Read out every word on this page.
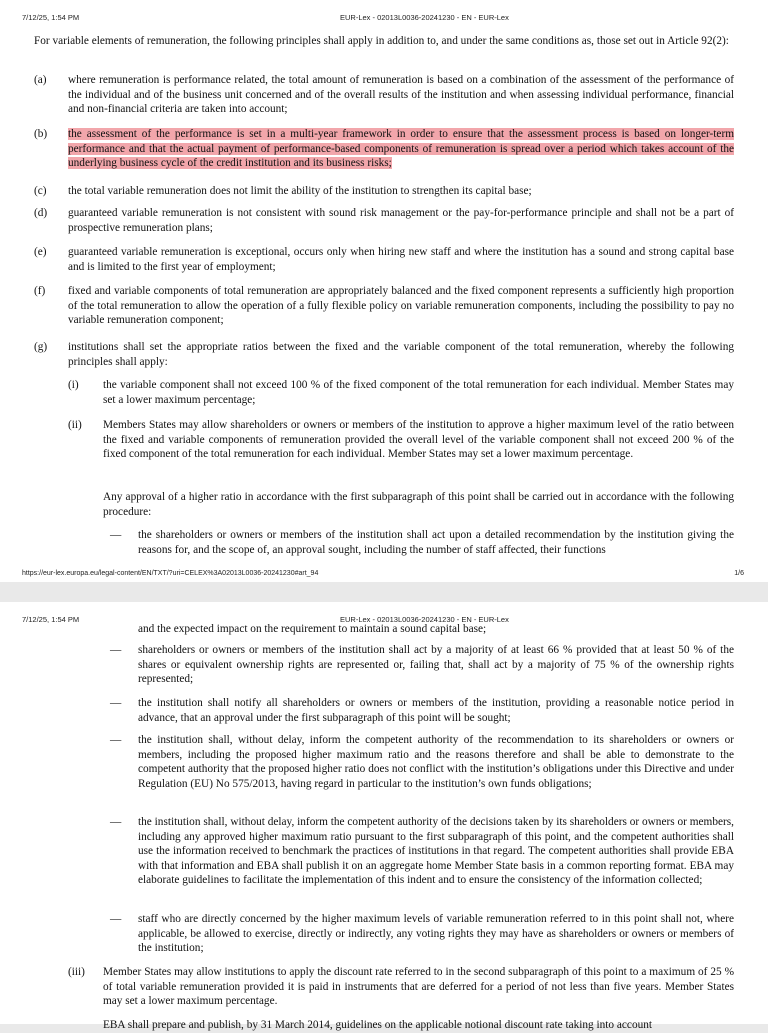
7/12/25, 1:54 PM	EUR-Lex - 02013L0036-20241230 - EN - EUR-Lex
For variable elements of remuneration, the following principles shall apply in addition to, and under the same conditions as, those set out in Article 92(2):
(a) where remuneration is performance related, the total amount of remuneration is based on a combination of the assessment of the performance of the individual and of the business unit concerned and of the overall results of the institution and when assessing individual performance, financial and non-financial criteria are taken into account;
(b) the assessment of the performance is set in a multi-year framework in order to ensure that the assessment process is based on longer-term performance and that the actual payment of performance-based components of remuneration is spread over a period which takes account of the underlying business cycle of the credit institution and its business risks;
(c) the total variable remuneration does not limit the ability of the institution to strengthen its capital base;
(d) guaranteed variable remuneration is not consistent with sound risk management or the pay-for-performance principle and shall not be a part of prospective remuneration plans;
(e) guaranteed variable remuneration is exceptional, occurs only when hiring new staff and where the institution has a sound and strong capital base and is limited to the first year of employment;
(f) fixed and variable components of total remuneration are appropriately balanced and the fixed component represents a sufficiently high proportion of the total remuneration to allow the operation of a fully flexible policy on variable remuneration components, including the possibility to pay no variable remuneration component;
(g) institutions shall set the appropriate ratios between the fixed and the variable component of the total remuneration, whereby the following principles shall apply:
(i) the variable component shall not exceed 100 % of the fixed component of the total remuneration for each individual. Member States may set a lower maximum percentage;
(ii) Members States may allow shareholders or owners or members of the institution to approve a higher maximum level of the ratio between the fixed and variable components of remuneration provided the overall level of the variable component shall not exceed 200 % of the fixed component of the total remuneration for each individual. Member States may set a lower maximum percentage.
Any approval of a higher ratio in accordance with the first subparagraph of this point shall be carried out in accordance with the following procedure:
— the shareholders or owners or members of the institution shall act upon a detailed recommendation by the institution giving the reasons for, and the scope of, an approval sought, including the number of staff affected, their functions
https://eur-lex.europa.eu/legal-content/EN/TXT/?uri=CELEX%3A02013L0036-20241230#art_94	1/6
7/12/25, 1:54 PM	EUR-Lex - 02013L0036-20241230 - EN - EUR-Lex
and the expected impact on the requirement to maintain a sound capital base;
— shareholders or owners or members of the institution shall act by a majority of at least 66 % provided that at least 50 % of the shares or equivalent ownership rights are represented or, failing that, shall act by a majority of 75 % of the ownership rights represented;
— the institution shall notify all shareholders or owners or members of the institution, providing a reasonable notice period in advance, that an approval under the first subparagraph of this point will be sought;
— the institution shall, without delay, inform the competent authority of the recommendation to its shareholders or owners or members, including the proposed higher maximum ratio and the reasons therefore and shall be able to demonstrate to the competent authority that the proposed higher ratio does not conflict with the institution’s obligations under this Directive and under Regulation (EU) No 575/2013, having regard in particular to the institution’s own funds obligations;
— the institution shall, without delay, inform the competent authority of the decisions taken by its shareholders or owners or members, including any approved higher maximum ratio pursuant to the first subparagraph of this point, and the competent authorities shall use the information received to benchmark the practices of institutions in that regard. The competent authorities shall provide EBA with that information and EBA shall publish it on an aggregate home Member State basis in a common reporting format. EBA may elaborate guidelines to facilitate the implementation of this indent and to ensure the consistency of the information collected;
— staff who are directly concerned by the higher maximum levels of variable remuneration referred to in this point shall not, where applicable, be allowed to exercise, directly or indirectly, any voting rights they may have as shareholders or owners or members of the institution;
(iii) Member States may allow institutions to apply the discount rate referred to in the second subparagraph of this point to a maximum of 25 % of total variable remuneration provided it is paid in instruments that are deferred for a period of not less than five years. Member States may set a lower maximum percentage.
EBA shall prepare and publish, by 31 March 2014, guidelines on the applicable notional discount rate taking into account
